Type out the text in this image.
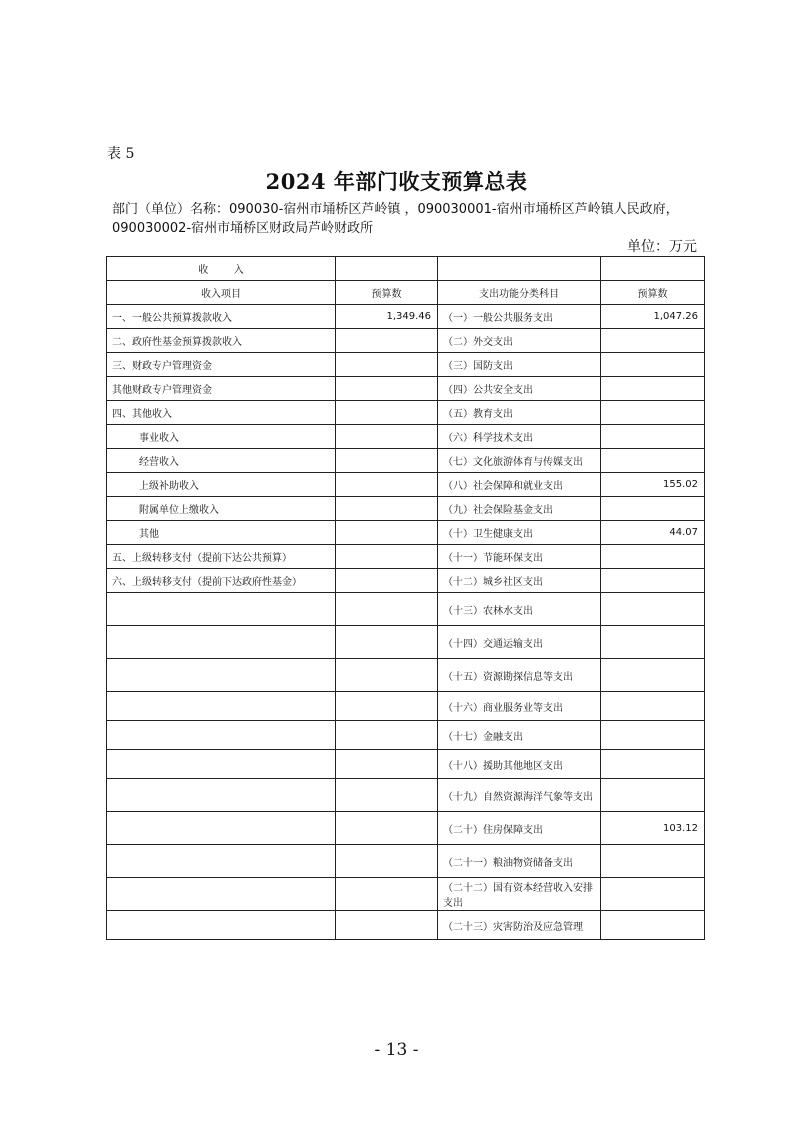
表 5
2024 年部门收支预算总表
部门（单位）名称：090030-宿州市埇桥区芦岭镇 ，090030001-宿州市埇桥区芦岭镇人民政府，
090030002-宿州市埇桥区财政局芦岭财政所
单位：万元
收        入			
收入项目	预算数	支出功能分类科目	预算数
一、一般公共预算拨款收入	1,349.46	（一）一般公共服务支出	1,047.26
二、政府性基金预算拨款收入		（二）外交支出	
三、财政专户管理资金		（三）国防支出	
其他财政专户管理资金		（四）公共安全支出	
四、其他收入		（五）教育支出	
事业收入		（六）科学技术支出	
经营收入		（七）文化旅游体育与传媒支出	
上级补助收入		（八）社会保障和就业支出	155.02
附属单位上缴收入		（九）社会保险基金支出	
其他		（十）卫生健康支出	44.07
五、上级转移支付（提前下达公共预算）		（十一）节能环保支出	
六、上级转移支付（提前下达政府性基金）		（十二）城乡社区支出	
		（十三）农林水支出	
		（十四）交通运输支出	
		（十五）资源勘探信息等支出	
		（十六）商业服务业等支出	
		（十七）金融支出	
		（十八）援助其他地区支出	
		（十九）自然资源海洋气象等支出	
		（二十）住房保障支出	103.12
		（二十一）粮油物资储备支出	
		（二十二）国有资本经营收入安排支出	
		（二十三）灾害防治及应急管理	
- 13 -
